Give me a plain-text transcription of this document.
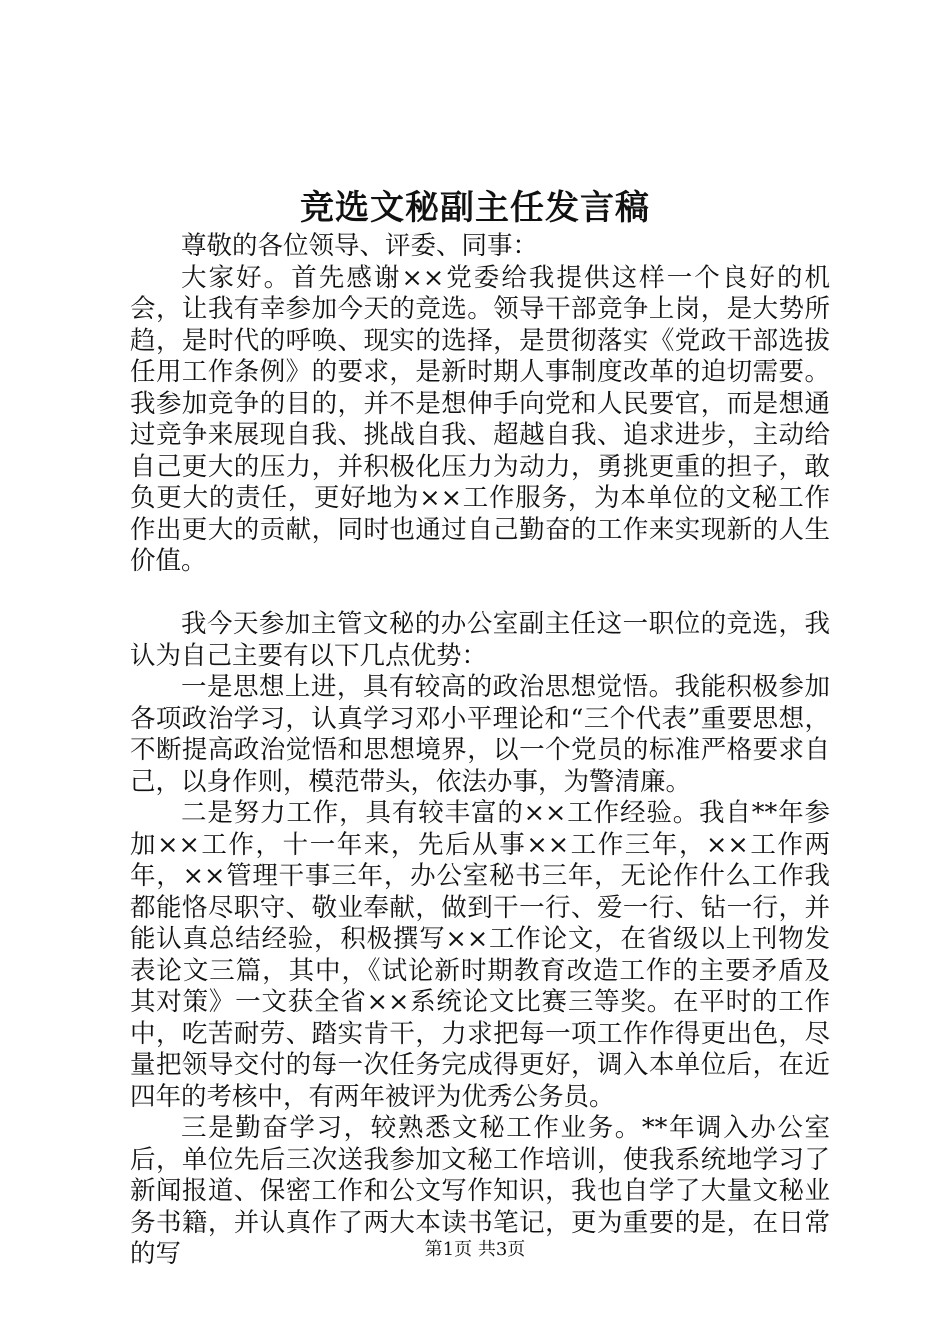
竞选文秘副主任发言稿

尊敬的各位领导、评委、同事：

大家好。首先感谢××党委给我提供这样一个良好的机会，让我有幸参加今天的竞选。领导干部竞争上岗，是大势所趋，是时代的呼唤、现实的选择，是贯彻落实《党政干部选拔任用工作条例》的要求，是新时期人事制度改革的迫切需要。我参加竞争的目的，并不是想伸手向党和人民要官，而是想通过竞争来展现自我、挑战自我、超越自我、追求进步，主动给自己更大的压力，并积极化压力为动力，勇挑更重的担子，敢负更大的责任，更好地为××工作服务，为本单位的文秘工作作出更大的贡献，同时也通过自己勤奋的工作来实现新的人生价值。

我今天参加主管文秘的办公室副主任这一职位的竞选，我认为自己主要有以下几点优势：

一是思想上进，具有较高的政治思想觉悟。我能积极参加各项政治学习，认真学习邓小平理论和“三个代表”重要思想，不断提高政治觉悟和思想境界，以一个党员的标准严格要求自己，以身作则，模范带头，依法办事，为警清廉。

二是努力工作，具有较丰富的××工作经验。我自**年参加××工作，十一年来，先后从事××工作三年，××工作两年，××管理干事三年，办公室秘书三年，无论作什么工作我都能恪尽职守、敬业奉献，做到干一行、爱一行、钻一行，并能认真总结经验，积极撰写××工作论文，在省级以上刊物发表论文三篇，其中，《试论新时期教育改造工作的主要矛盾及其对策》一文获全省××系统论文比赛三等奖。在平时的工作中，吃苦耐劳、踏实肯干，力求把每一项工作作得更出色，尽量把领导交付的每一次任务完成得更好，调入本单位后，在近四年的考核中，有两年被评为优秀公务员。

三是勤奋学习，较熟悉文秘工作业务。**年调入办公室后，单位先后三次送我参加文秘工作培训，使我系统地学习了新闻报道、保密工作和公文写作知识，我也自学了大量文秘业务书籍，并认真作了两大本读书笔记，更为重要的是，在日常的写	第1页 共3页
